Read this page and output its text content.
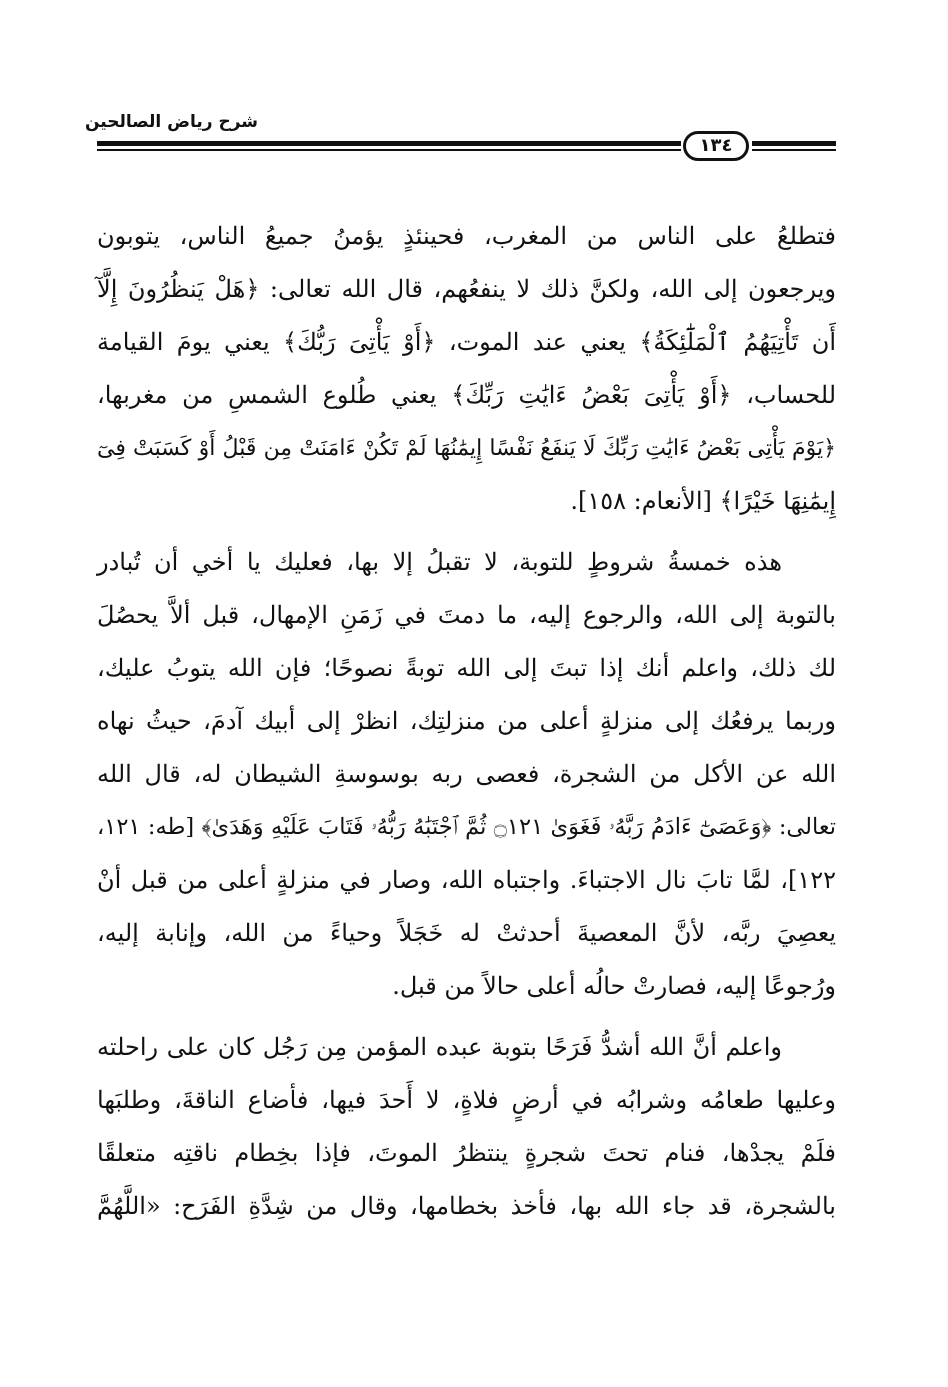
شرح رياض الصالحين
١٣٤
فتطلعُ على الناس من المغرب، فحينئذٍ يؤمنُ جميعُ الناس، يتوبون
ويرجعون إلى الله، ولكنَّ ذلك لا ينفعُهم، قال الله تعالى: ﴿هَلْ يَنظُرُونَ إِلَّآ
أَن تَأْتِيَهُمُ ٱلْمَلَٰٓئِكَةُ﴾ يعني عند الموت، ﴿أَوْ يَأْتِىَ رَبُّكَ﴾ يعني يومَ القيامة
للحساب، ﴿أَوْ يَأْتِىَ بَعْضُ ءَايَٰتِ رَبِّكَ﴾ يعني طُلوع الشمسِ من مغربها،
﴿يَوْمَ يَأْتِى بَعْضُ ءَايَٰتِ رَبِّكَ لَا يَنفَعُ نَفْسًا إِيمَٰنُهَا لَمْ تَكُنْ ءَامَنَتْ مِن قَبْلُ أَوْ كَسَبَتْ فِىٓ
إِيمَٰنِهَا خَيْرًا﴾ [الأنعام: ١٥٨].
هذه خمسةُ شروطٍ للتوبة، لا تقبلُ إلا بها، فعليك يا أخي أن تُبادر
بالتوبة إلى الله، والرجوع إليه، ما دمتَ في زَمَنِ الإمهال، قبل ألاَّ يحصُلَ
لك ذلك، واعلم أنك إذا تبتَ إلى الله توبةً نصوحًا؛ فإن الله يتوبُ عليك،
وربما يرفعُك إلى منزلةٍ أعلى من منزلتِك، انظرْ إلى أبيك آدمَ، حيثُ نهاه
الله عن الأكل من الشجرة، فعصى ربه بوسوسةِ الشيطان له، قال الله
تعالى: ﴿وَعَصَىٰٓ ءَادَمُ رَبَّهُۥ فَغَوَىٰ ۝١٢١ ثُمَّ ٱجْتَبَٰهُ رَبُّهُۥ فَتَابَ عَلَيْهِ وَهَدَىٰ﴾ [طه: ١٢١،
١٢٢]، لمَّا تابَ نال الاجتباءَ. واجتباه الله، وصار في منزلةٍ أعلى من قبل أنْ
يعصِيَ ربَّه، لأنَّ المعصيةَ أحدثتْ له خَجَلاً وحياءً من الله، وإنابة إليه،
ورُجوعًا إليه، فصارتْ حالُه أعلى حالاً من قبل.
واعلم أنَّ الله أشدُّ فَرَحًا بتوبة عبده المؤمن مِن رَجُل كان على راحلته
وعليها طعامُه وشرابُه في أرضٍ فلاةٍ، لا أَحدَ فيها، فأضاع الناقةَ، وطلبَها
فلَمْ يجدْها، فنام تحتَ شجرةٍ ينتظرُ الموتَ، فإذا بخِطام ناقتِه متعلقًا
بالشجرة، قد جاء الله بها، فأخذ بخطامها، وقال من شِدَّةِ الفَرَح: «اللَّهُمَّ
